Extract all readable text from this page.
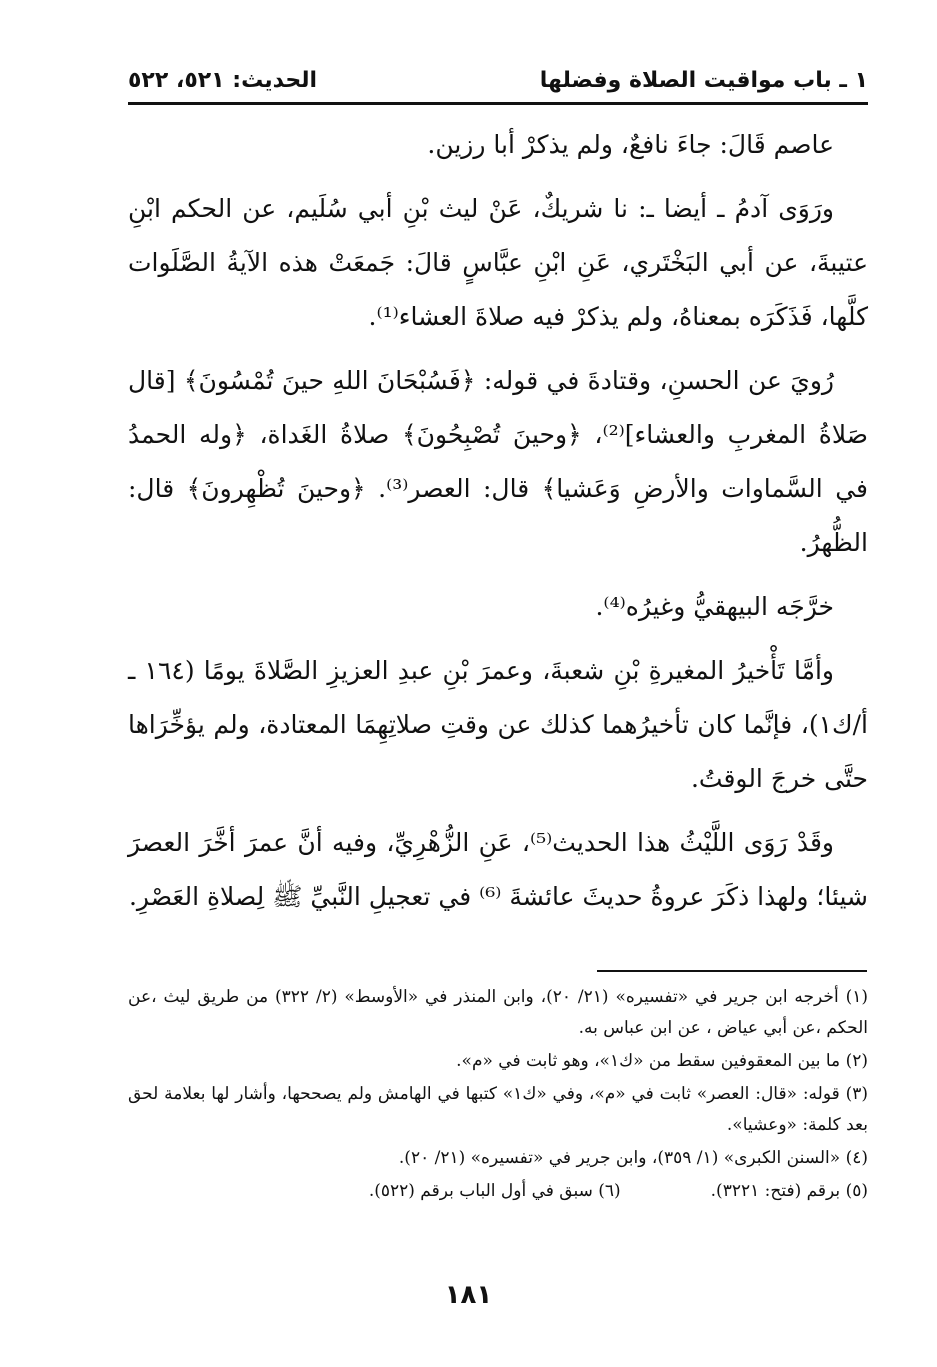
١ ـ باب مواقيت الصلاة وفضلها
الحديث: ٥٢١، ٥٢٢

عاصم قَالَ: جاءَ نافعٌ، ولم يذكرْ أبا رزين.

ورَوَى آدمُ ـ أيضا ـ: نا شريكٌ، عَنْ ليث بْنِ أبي سُلَيم، عن الحكم ابْنِ عتيبةَ، عن أبي البَخْتَري، عَنِ ابْنِ عبَّاسٍ قالَ: جَمعَتْ هذه الآيةُ الصَّلَوات كلَّها، فَذَكَرَه بمعناهُ، ولم يذكرْ فيه صلاةَ العشاء⁽¹⁾.

رُويَ عن الحسنِ، وقتادةَ في قوله: ﴿فَسُبْحَانَ اللهِ حينَ تُمْسُونَ﴾ [قال صَلاةُ المغربِ والعشاء]⁽²⁾، ﴿وحينَ تُصْبِحُونَ﴾ صلاةُ الغَداة، ﴿وله الحمدُ في السَّماوات والأرضِ وَعَشيا﴾ قال: العصر⁽³⁾. ﴿وحينَ تُظْهِرونَ﴾ قال: الظُّهرُ.

خرَّجَه البيهقيُّ وغيرُه⁽⁴⁾.

وأمَّا تَأْخيرُ المغيرةِ بْنِ شعبةَ، وعمرَ بْنِ عبدِ العزيزِ الصَّلاةَ يومًا (١٦٤ ـ أ/ك١)، فإنَّما كان تأخيرُهما كذلك عن وقتِ صلاتِهِمَا المعتادة، ولم يؤخِّرَاها حتَّى خرجَ الوقتُ.

وقَدْ رَوَى اللَّيْثُ هذا الحديث⁽⁵⁾، عَنِ الزُّهْرِيِّ، وفيه أنَّ عمرَ أخَّرَ العصرَ شيئا؛ ولهذا ذكَرَ عروةُ حديثَ عائشةَ ⁽⁶⁾ في تعجيلِ النَّبيِّ ﷺ لِصلاةِ العَصْرِ.

(١) أخرجه ابن جرير في «تفسيره» (٢١/ ٢٠)، وابن المنذر في «الأوسط» (٢/ ٣٢٢) من طريق ليث ،عن الحكم ،عن أبي عياض ، عن ابن عباس به.

(٢) ما بين المعقوفين سقط من «ك١»، وهو ثابت في «م».

(٣) قوله: «قال: العصر» ثابت في «م»، وفي «ك١» كتبها في الهامش ولم يصححها، وأشار لها بعلامة لحق بعد كلمة: «وعشيا».

(٤) «السنن الكبرى» (١/ ٣٥٩)، وابن جرير في «تفسيره» (٢١/ ٢٠).

(٥) برقم (فتح: ٣٢٢١).
(٦) سبق في أول الباب برقم (٥٢٢).

١٨١
